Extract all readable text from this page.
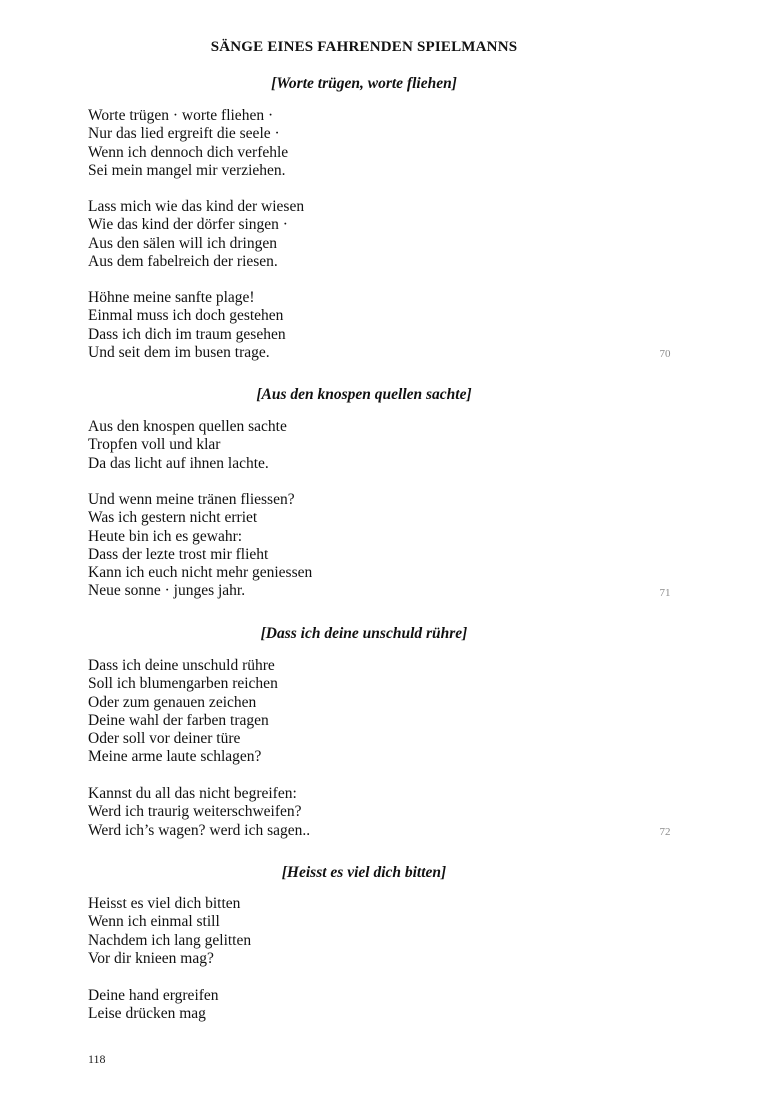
SÄNGE EINES FAHRENDEN SPIELMANNS
[Worte trügen, worte fliehen]
Worte trügen · worte fliehen ·
Nur das lied ergreift die seele ·
Wenn ich dennoch dich verfehle
Sei mein mangel mir verziehen.
Lass mich wie das kind der wiesen
Wie das kind der dörfer singen ·
Aus den sälen will ich dringen
Aus dem fabelreich der riesen.
Höhne meine sanfte plage!
Einmal muss ich doch gestehen
Dass ich dich im traum gesehen
Und seit dem im busen trage.	70
[Aus den knospen quellen sachte]
Aus den knospen quellen sachte
Tropfen voll und klar
Da das licht auf ihnen lachte.
Und wenn meine tränen fliessen?
Was ich gestern nicht erriet
Heute bin ich es gewahr:
Dass der lezte trost mir flieht
Kann ich euch nicht mehr geniessen
Neue sonne · junges jahr.	71
[Dass ich deine unschuld rühre]
Dass ich deine unschuld rühre
Soll ich blumengarben reichen
Oder zum genauen zeichen
Deine wahl der farben tragen
Oder soll vor deiner türe
Meine arme laute schlagen?
Kannst du all das nicht begreifen:
Werd ich traurig weiterschweifen?
Werd ich’s wagen? werd ich sagen..	72
[Heisst es viel dich bitten]
Heisst es viel dich bitten
Wenn ich einmal still
Nachdem ich lang gelitten
Vor dir knieen mag?
Deine hand ergreifen
Leise drücken mag
118
